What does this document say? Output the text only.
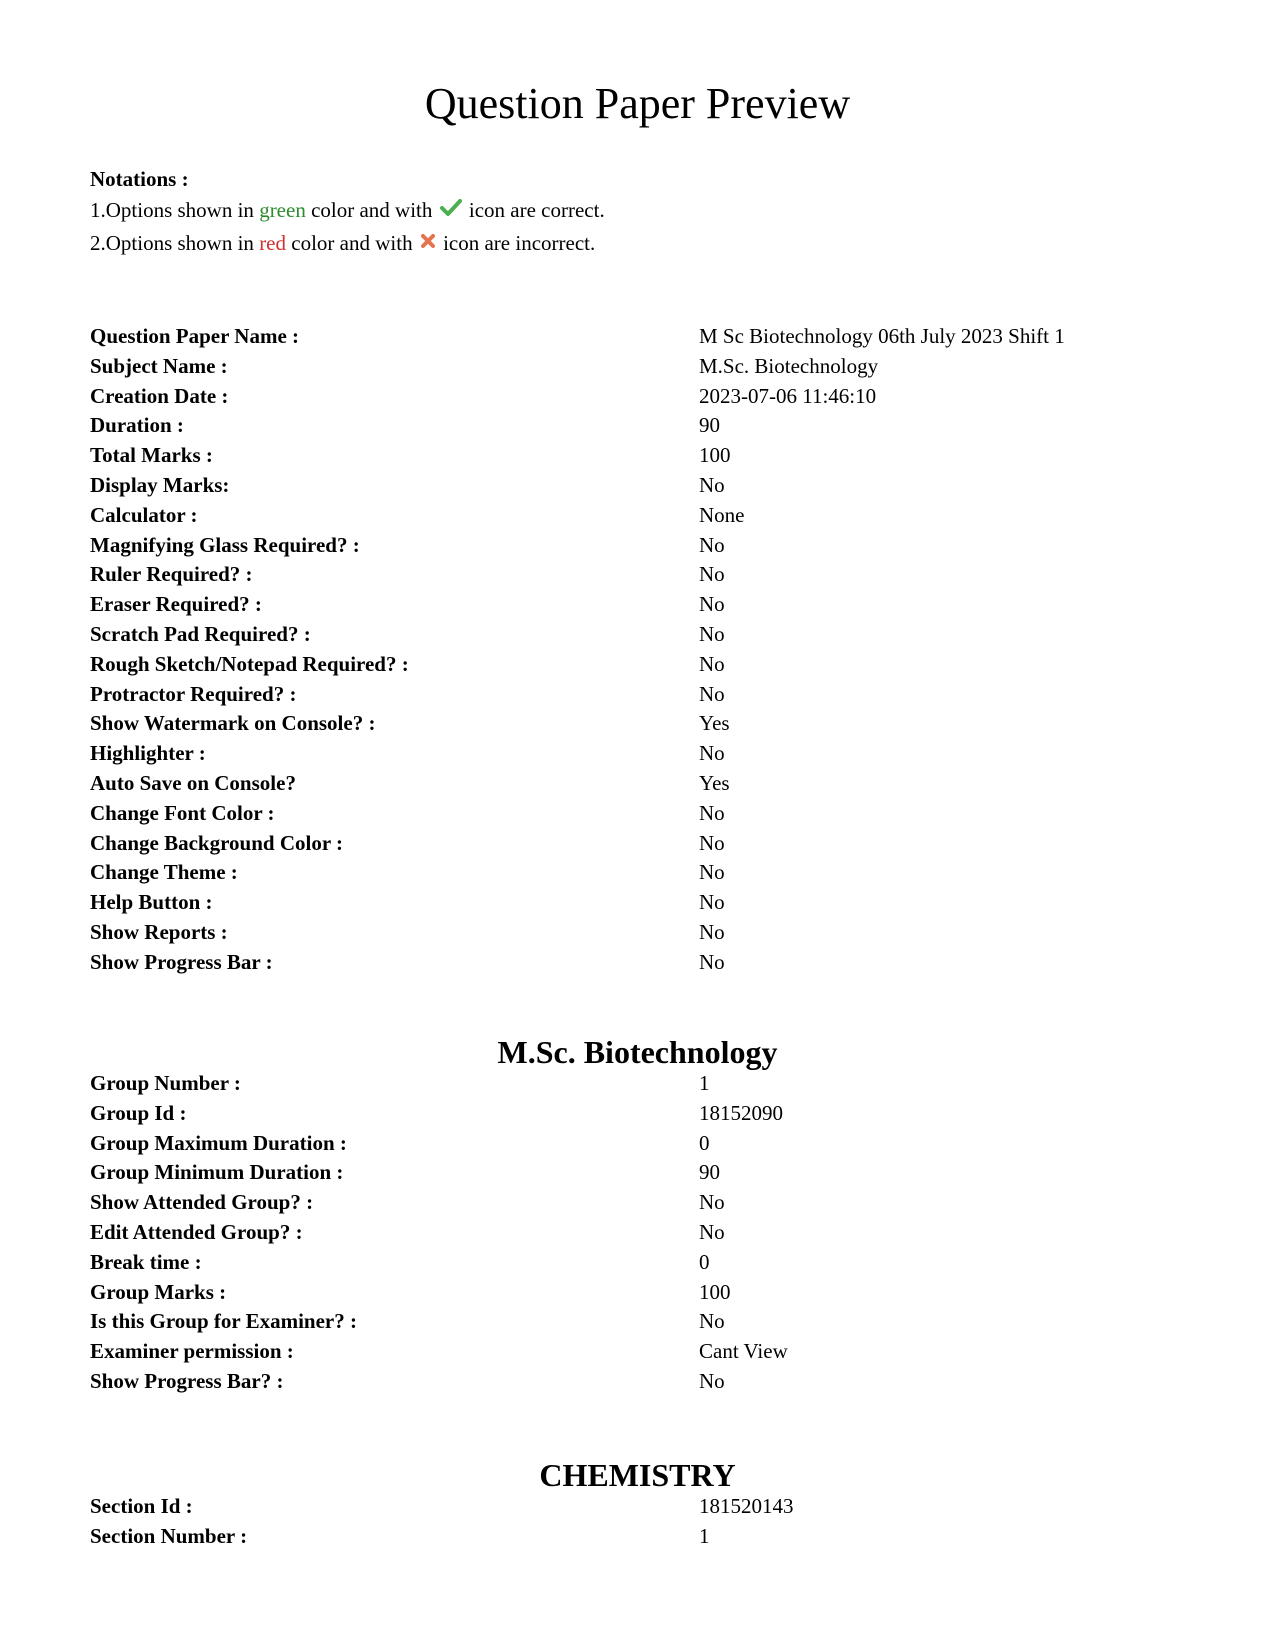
Question Paper Preview
Notations :
1.Options shown in green color and with  icon are correct.
2.Options shown in red color and with  icon are incorrect.
Question Paper Name :	M Sc Biotechnology 06th July 2023 Shift 1
Subject Name :	M.Sc. Biotechnology
Creation Date :	2023-07-06 11:46:10
Duration :	90
Total Marks :	100
Display Marks:	No
Calculator :	None
Magnifying Glass Required? :	No
Ruler Required? :	No
Eraser Required? :	No
Scratch Pad Required? :	No
Rough Sketch/Notepad Required? :	No
Protractor Required? :	No
Show Watermark on Console? :	Yes
Highlighter :	No
Auto Save on Console?	Yes
Change Font Color :	No
Change Background Color :	No
Change Theme :	No
Help Button :	No
Show Reports :	No
Show Progress Bar :	No
M.Sc. Biotechnology
Group Number :	1
Group Id :	18152090
Group Maximum Duration :	0
Group Minimum Duration :	90
Show Attended Group? :	No
Edit Attended Group? :	No
Break time :	0
Group Marks :	100
Is this Group for Examiner? :	No
Examiner permission :	Cant View
Show Progress Bar? :	No
CHEMISTRY
Section Id :	181520143
Section Number :	1
